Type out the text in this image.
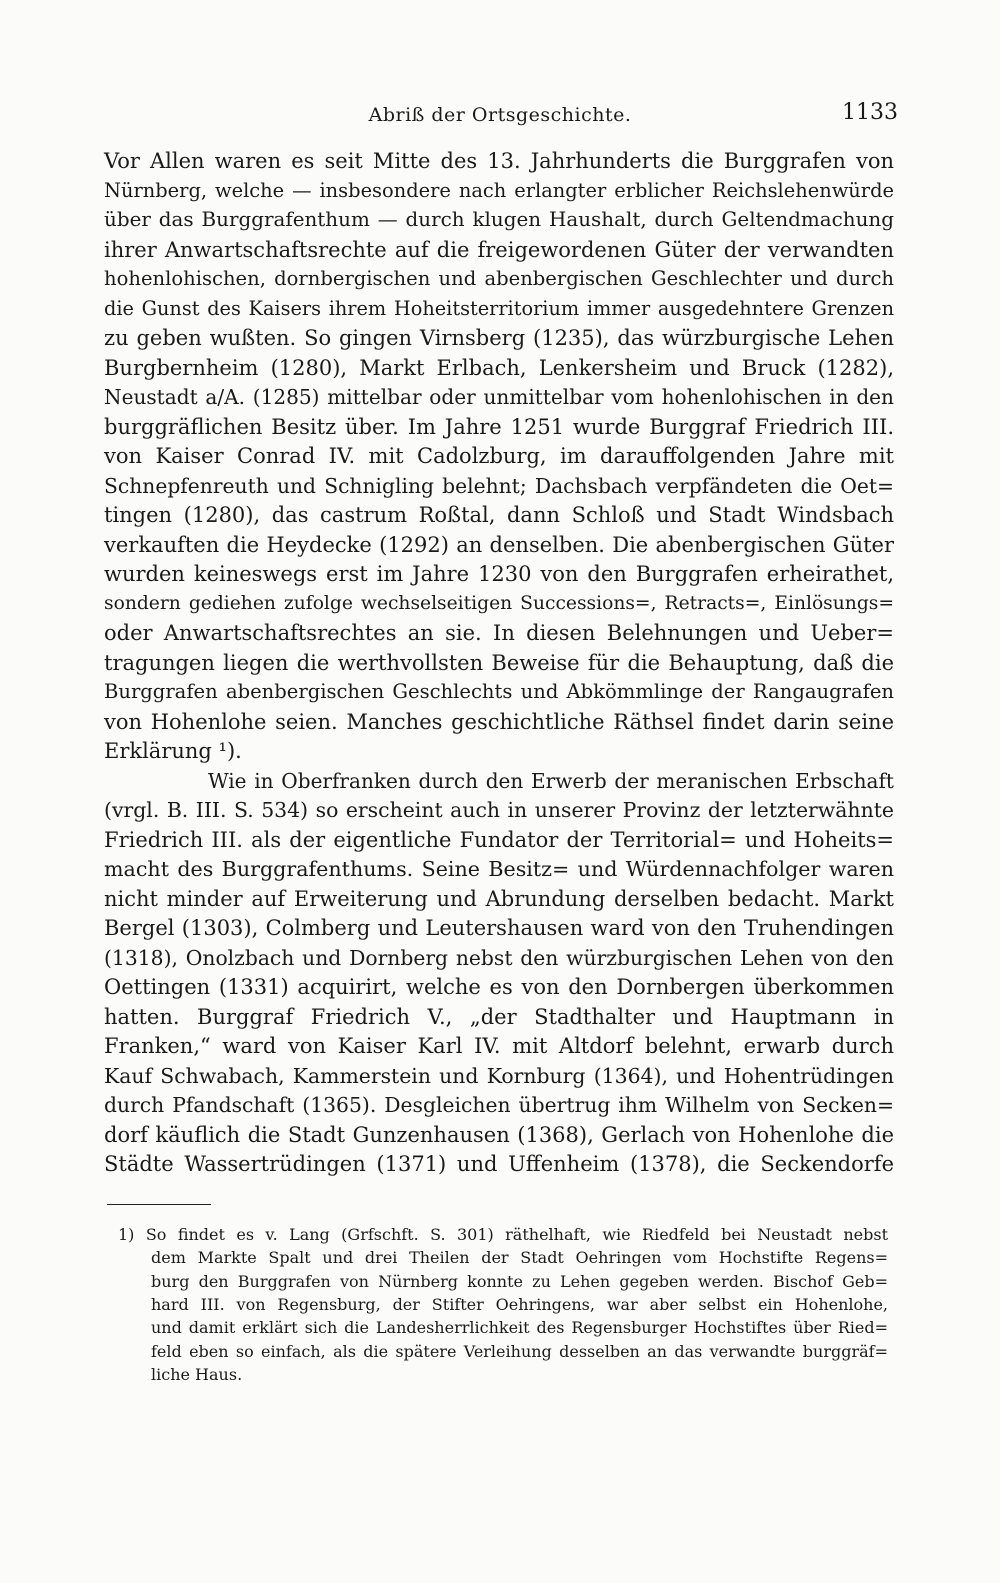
Abriß der Ortsgeschichte.	1133
Vor Allen waren es seit Mitte des 13. Jahrhunderts die Burggrafen von
Nürnberg, welche — insbesondere nach erlangter erblicher Reichslehenwürde
über das Burggrafenthum — durch klugen Haushalt, durch Geltendmachung
ihrer Anwartschaftsrechte auf die freigewordenen Güter der verwandten
hohenlohischen, dornbergischen und abenbergischen Geschlechter und durch
die Gunst des Kaisers ihrem Hoheitsterritorium immer ausgedehntere Grenzen
zu geben wußten. So gingen Virnsberg (1235), das würzburgische Lehen
Burgbernheim (1280), Markt Erlbach, Lenkersheim und Bruck (1282),
Neustadt a/A. (1285) mittelbar oder unmittelbar vom hohenlohischen in den
burggräflichen Besitz über. Im Jahre 1251 wurde Burggraf Friedrich III.
von Kaiser Conrad IV. mit Cadolzburg, im darauffolgenden Jahre mit
Schnepfenreuth und Schnigling belehnt; Dachsbach verpfändeten die Oet=
tingen (1280), das castrum Roßtal, dann Schloß und Stadt Windsbach
verkauften die Heydecke (1292) an denselben. Die abenbergischen Güter
wurden keineswegs erst im Jahre 1230 von den Burggrafen erheirathet,
sondern gediehen zufolge wechselseitigen Successions=, Retracts=, Einlösungs=
oder Anwartschaftsrechtes an sie. In diesen Belehnungen und Ueber=
tragungen liegen die werthvollsten Beweise für die Behauptung, daß die
Burggrafen abenbergischen Geschlechts und Abkömmlinge der Rangaugrafen
von Hohenlohe seien. Manches geschichtliche Räthsel findet darin seine
Erklärung ¹).
Wie in Oberfranken durch den Erwerb der meranischen Erbschaft
(vrgl. B. III. S. 534) so erscheint auch in unserer Provinz der letzterwähnte
Friedrich III. als der eigentliche Fundator der Territorial= und Hoheits=
macht des Burggrafenthums. Seine Besitz= und Würdennachfolger waren
nicht minder auf Erweiterung und Abrundung derselben bedacht. Markt
Bergel (1303), Colmberg und Leutershausen ward von den Truhendingen
(1318), Onolzbach und Dornberg nebst den würzburgischen Lehen von den
Oettingen (1331) acquirirt, welche es von den Dornbergen überkommen
hatten. Burggraf Friedrich V., „der Stadthalter und Hauptmann in
Franken,“ ward von Kaiser Karl IV. mit Altdorf belehnt, erwarb durch
Kauf Schwabach, Kammerstein und Kornburg (1364), und Hohentrüdingen
durch Pfandschaft (1365). Desgleichen übertrug ihm Wilhelm von Secken=
dorf käuflich die Stadt Gunzenhausen (1368), Gerlach von Hohenlohe die
Städte Wassertrüdingen (1371) und Uffenheim (1378), die Seckendorfe
1) So findet es v. Lang (Grfschft. S. 301) räthelhaft, wie Riedfeld bei Neustadt nebst
dem Markte Spalt und drei Theilen der Stadt Oehringen vom Hochstifte Regens=
burg den Burggrafen von Nürnberg konnte zu Lehen gegeben werden. Bischof Geb=
hard III. von Regensburg, der Stifter Oehringens, war aber selbst ein Hohenlohe,
und damit erklärt sich die Landesherrlichkeit des Regensburger Hochstiftes über Ried=
feld eben so einfach, als die spätere Verleihung desselben an das verwandte burggräf=
liche Haus.
